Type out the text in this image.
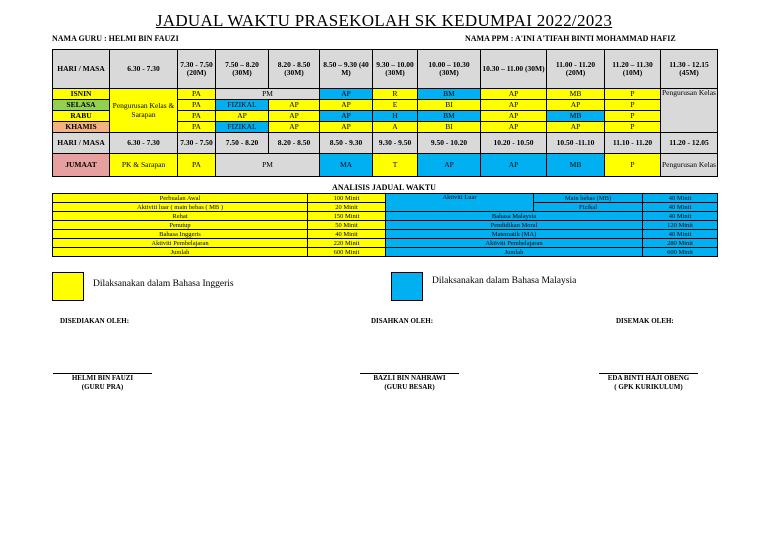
JADUAL WAKTU PRASEKOLAH SK KEDUMPAI 2022/2023
NAMA GURU : HELMI BIN FAUZI	NAMA PPM : A'INI A'TIFAH BINTI MOHAMMAD HAFIZ
HARI / MASA	6.30 - 7.30	7.30 - 7.50 (20M)	7.50 – 8.20 (30M)	8.20 - 8.50 (30M)	8.50 – 9.30 (40 M)	9.30 – 10.00 (30M)	10.00 – 10.30 (30M)	10.30 – 11.00 (30M)	11.00 - 11.20 (20M)	11.20 – 11.30 (10M)	11.30 - 12.15 (45M)
ISNIN	Pengurusan Kelas & Sarapan	PA	PM		AP	R	BM	AP	MB	P	Pengurusan Kelas
SELASA		PA	FIZIKAL	AP	AP	E	BI	AP	AP	P	
RABU		PA	AP	AP	AP	H	BM	AP	MB	P	
KHAMIS		PA	FIZIKAL	AP	AP	A	BI	AP	AP	P	
HARI / MASA	6.30 - 7.30	7.30 - 7.50	7.50 - 8.20	8.20 - 8.50	8.50 - 9.30	9.30 - 9.50	9.50 - 10.20	10.20 - 10.50	10.50 -11.10	11.10 - 11.20	11.20 - 12.05
JUMAAT	PK & Sarapan	PA	PM		MA	T	AP	AP	MB	P	Pengurusan Kelas
ANALISIS JADUAL WAKTU
Perbualan Awal	100 Minit	Aktiviti Luar	Main bebas (MB)	40 Minit
Aktiviti luar ( main bebas ( MB )	20 Minit		Fizikal	40 Minit
Rehat	150 Minit	Bahasa Malaysia		40 Minit
Penutup	50 Minit	Pendidikan Moral		120 Minit
Bahasa Inggeris	40 Minit	Matematik (MA)		40 Minit
Aktiviti Pembelajaran	220 Minit	Aktiviti Pembelajaran		280 Minit
Jumlah	600 Minit	Jumlah		600 Minit
Dilaksanakan dalam Bahasa Inggeris	Dilaksanakan dalam Bahasa Malaysia
DISEDIAKAN OLEH:	DISAHKAN OLEH:	DISEMAK OLEH:
HELMI BIN FAUZI
(GURU PRA)
BAZLI BIN NAHRAWI
(GURU BESAR)
EDA BINTI HAJI OBENG
( GPK KURIKULUM)
